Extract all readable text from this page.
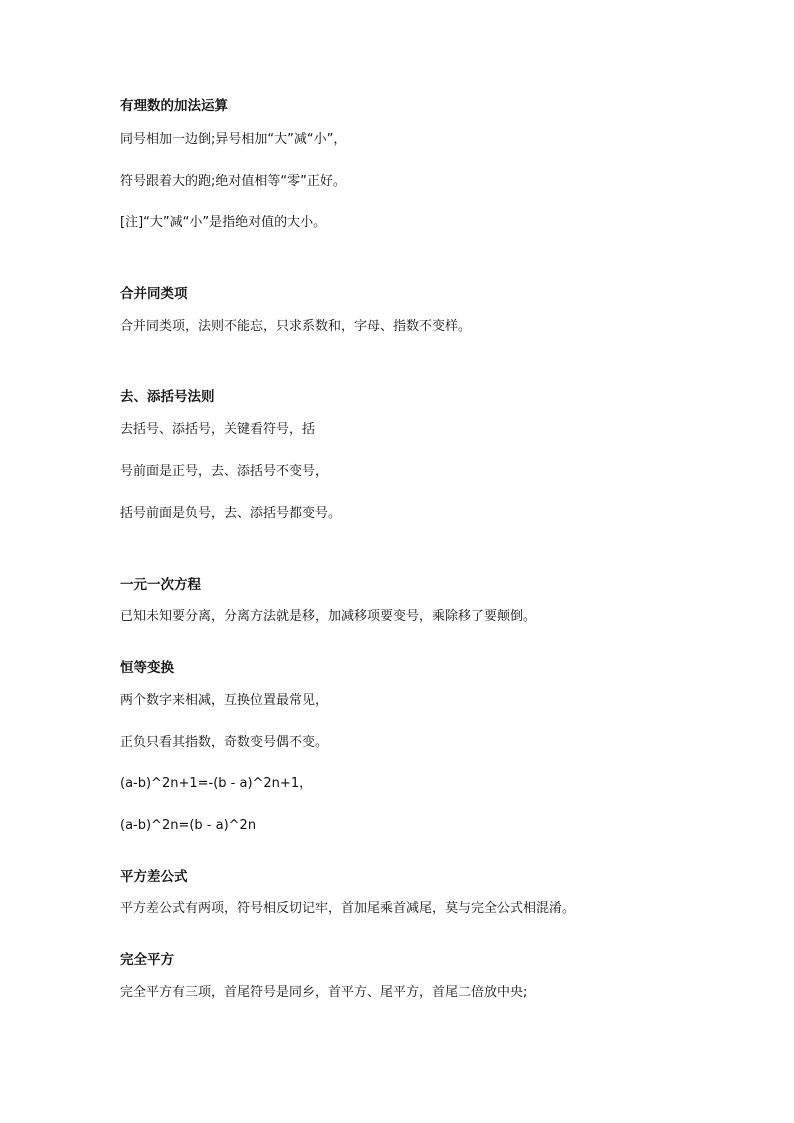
有理数的加法运算
同号相加一边倒;异号相加“大”减“小”，
符号跟着大的跑;绝对值相等“零”正好。
[注]“大”减“小”是指绝对值的大小。
合并同类项
合并同类项，法则不能忘，只求系数和，字母、指数不变样。
去、添括号法则
去括号、添括号，关键看符号，括
号前面是正号，去、添括号不变号，
括号前面是负号，去、添括号都变号。
一元一次方程
已知未知要分离，分离方法就是移，加减移项要变号，乘除移了要颠倒。
恒等变换
两个数字来相减，互换位置最常见，
正负只看其指数，奇数变号偶不变。
(a-b)^2n+1=-(b - a)^2n+1，
(a-b)^2n=(b - a)^2n
平方差公式
平方差公式有两项，符号相反切记牢，首加尾乘首减尾，莫与完全公式相混淆。
完全平方
完全平方有三项，首尾符号是同乡，首平方、尾平方，首尾二倍放中央;
